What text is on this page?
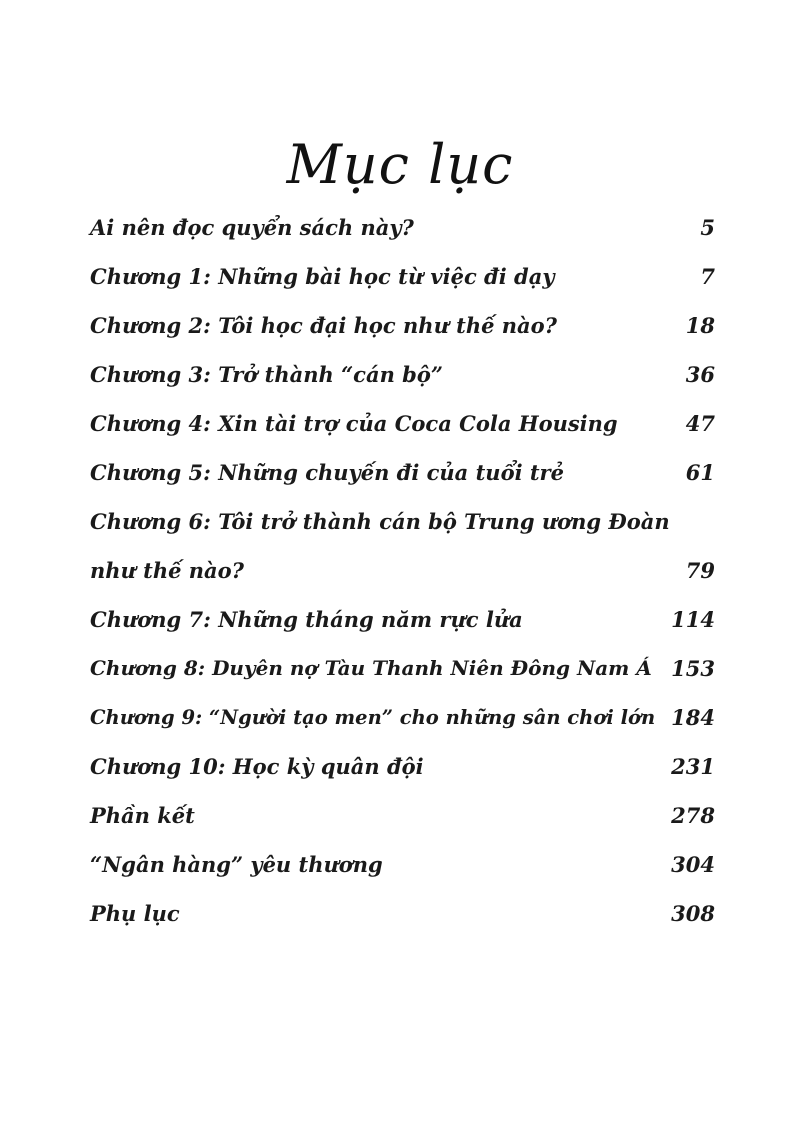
Mục lục
Ai nên đọc quyển sách này?	5
Chương 1: Những bài học từ việc đi dạy	7
Chương 2: Tôi học đại học như thế nào?	18
Chương 3: Trở thành “cán bộ”	36
Chương 4: Xin tài trợ của Coca Cola Housing	47
Chương 5: Những chuyến đi của tuổi trẻ	61
Chương 6: Tôi trở thành cán bộ Trung ương Đoàn
như thế nào?	79
Chương 7: Những tháng năm rực lửa	114
Chương 8: Duyên nợ Tàu Thanh Niên Đông Nam Á 153
Chương 9: “Người tạo men” cho những sân chơi lớn 184
Chương 10: Học kỳ quân đội	231
Phần kết	278
“Ngân hàng” yêu thương	304
Phụ lục	308
